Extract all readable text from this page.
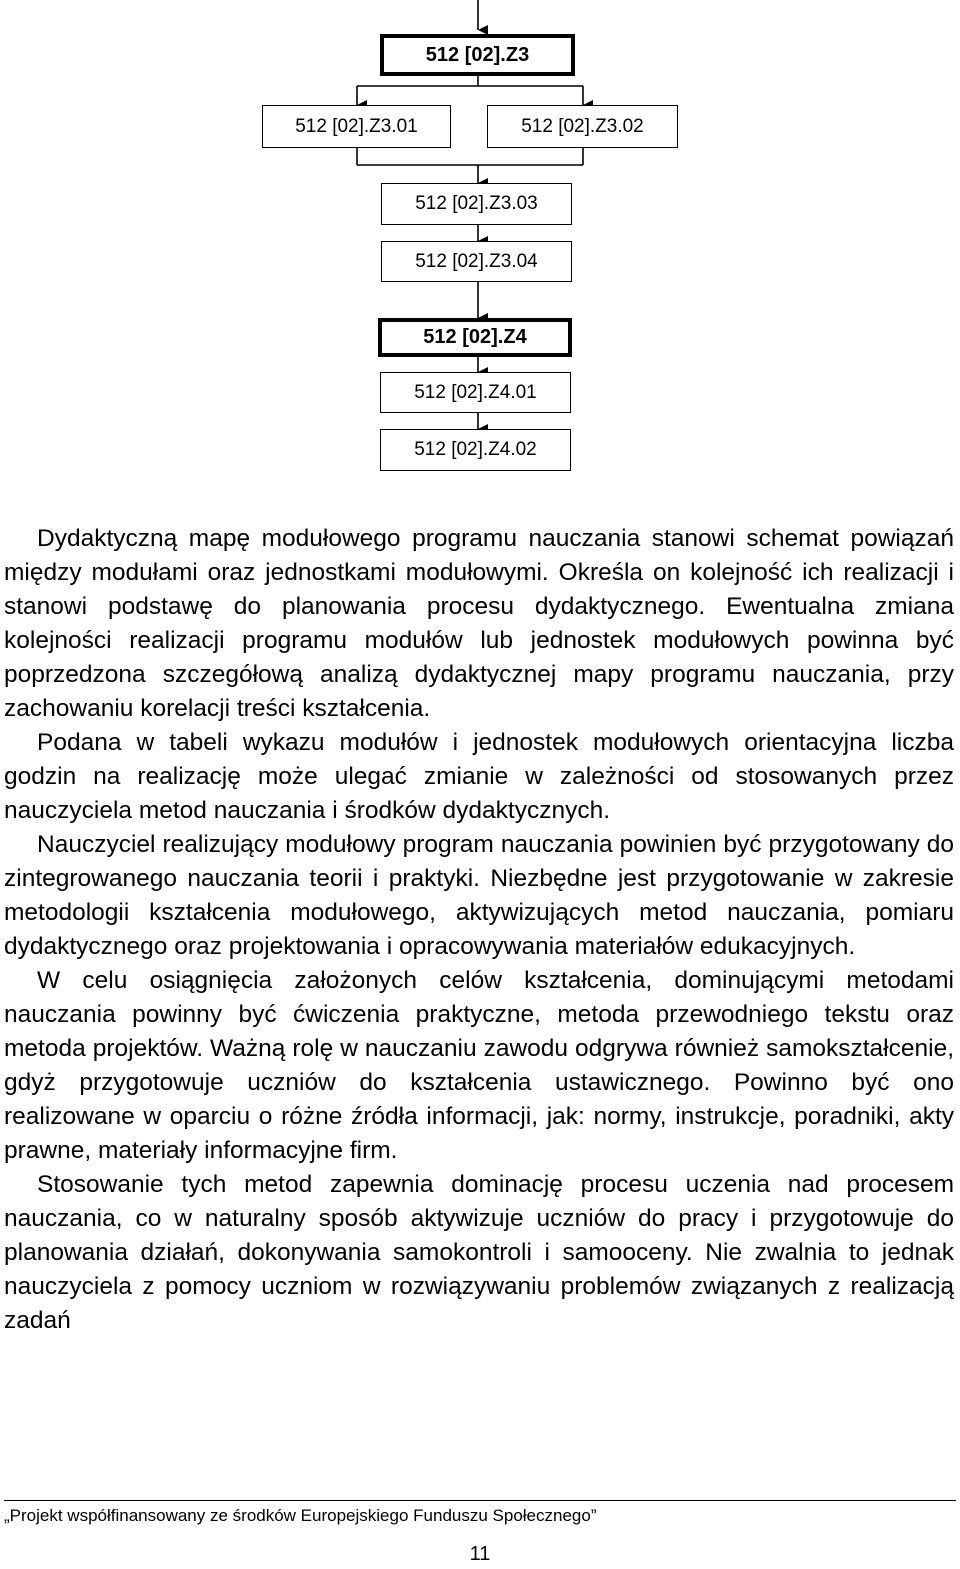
512 [02].Z3
512 [02].Z3.01	512 [02].Z3.02
512 [02].Z3.03
512 [02].Z3.04
512 [02].Z4
512 [02].Z4.01
512 [02].Z4.02

Dydaktyczną mapę modułowego programu nauczania stanowi schemat powiązań między modułami oraz jednostkami modułowymi. Określa on kolejność ich realizacji i stanowi podstawę do planowania procesu dydaktycznego. Ewentualna zmiana kolejności realizacji programu modułów lub jednostek modułowych powinna być poprzedzona szczegółową analizą dydaktycznej mapy programu nauczania, przy zachowaniu korelacji treści kształcenia.

Podana w tabeli wykazu modułów i jednostek modułowych orientacyjna liczba godzin na realizację może ulegać zmianie w zależności od stosowanych przez nauczyciela metod nauczania i środków dydaktycznych.

Nauczyciel realizujący modułowy program nauczania powinien być przygotowany do zintegrowanego nauczania teorii i praktyki. Niezbędne jest przygotowanie w zakresie metodologii kształcenia modułowego, aktywizujących metod nauczania, pomiaru dydaktycznego oraz projektowania i opracowywania materiałów edukacyjnych.

W celu osiągnięcia założonych celów kształcenia, dominującymi metodami nauczania powinny być ćwiczenia praktyczne, metoda przewodniego tekstu oraz metoda projektów. Ważną rolę w nauczaniu zawodu odgrywa również samokształcenie, gdyż przygotowuje uczniów do kształcenia ustawicznego. Powinno być ono realizowane w oparciu o różne źródła informacji, jak: normy, instrukcje, poradniki, akty prawne, materiały informacyjne firm.

Stosowanie tych metod zapewnia dominację procesu uczenia nad procesem nauczania, co w naturalny sposób aktywizuje uczniów do pracy i przygotowuje do planowania działań, dokonywania samokontroli i samooceny. Nie zwalnia to jednak nauczyciela z pomocy uczniom w rozwiązywaniu problemów związanych z realizacją zadań

„Projekt współfinansowany ze środków Europejskiego Funduszu Społecznego”
11
